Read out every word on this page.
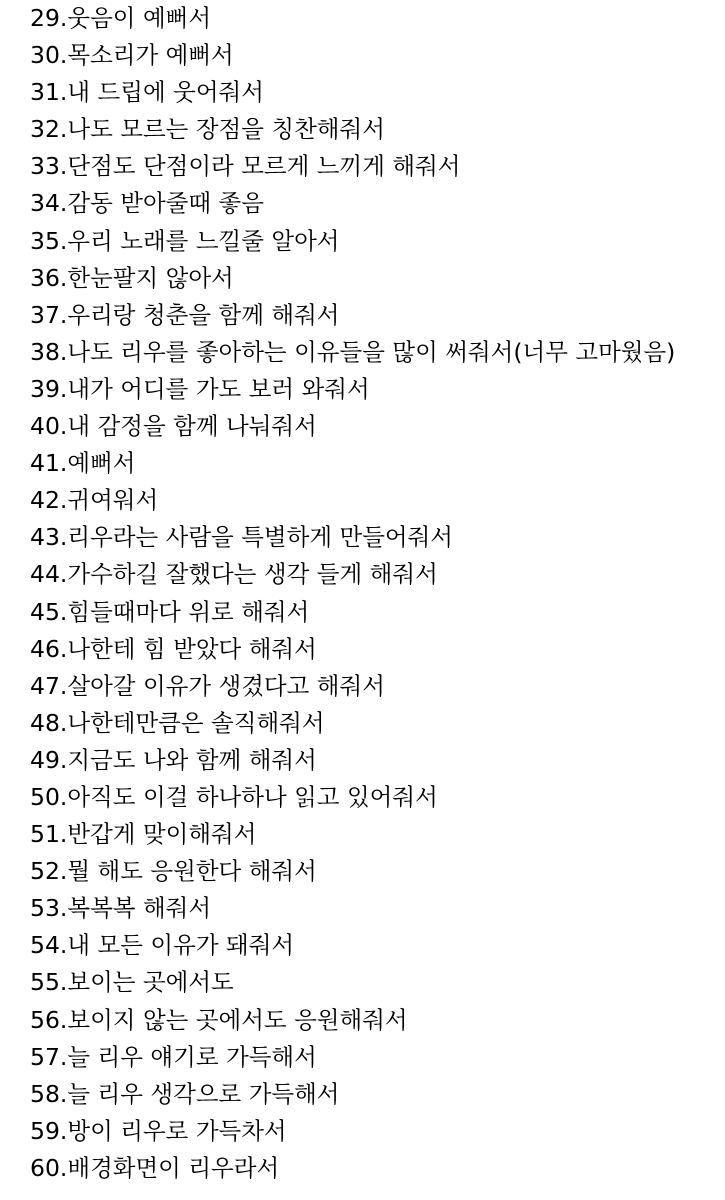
29.웃음이 예뻐서
30.목소리가 예뻐서
31.내 드립에 웃어줘서
32.나도 모르는 장점을 칭찬해줘서
33.단점도 단점이라 모르게 느끼게 해줘서
34.감동 받아줄때 좋음
35.우리 노래를 느낄줄 알아서
36.한눈팔지 않아서
37.우리랑 청춘을 함께 해줘서
38.나도 리우를 좋아하는 이유들을 많이 써줘서(너무 고마웠음)
39.내가 어디를 가도 보러 와줘서
40.내 감정을 함께 나눠줘서
41.예뻐서
42.귀여워서
43.리우라는 사람을 특별하게 만들어줘서
44.가수하길 잘했다는 생각 들게 해줘서
45.힘들때마다 위로 해줘서
46.나한테 힘 받았다 해줘서
47.살아갈 이유가 생겼다고 해줘서
48.나한테만큼은 솔직해줘서
49.지금도 나와 함께 해줘서
50.아직도 이걸 하나하나 읽고 있어줘서
51.반갑게 맞이해줘서
52.뭘 해도 응원한다 해줘서
53.복복복 해줘서
54.내 모든 이유가 돼줘서
55.보이는 곳에서도
56.보이지 않는 곳에서도 응원해줘서
57.늘 리우 얘기로 가득해서
58.늘 리우 생각으로 가득해서
59.방이 리우로 가득차서
60.배경화면이 리우라서
